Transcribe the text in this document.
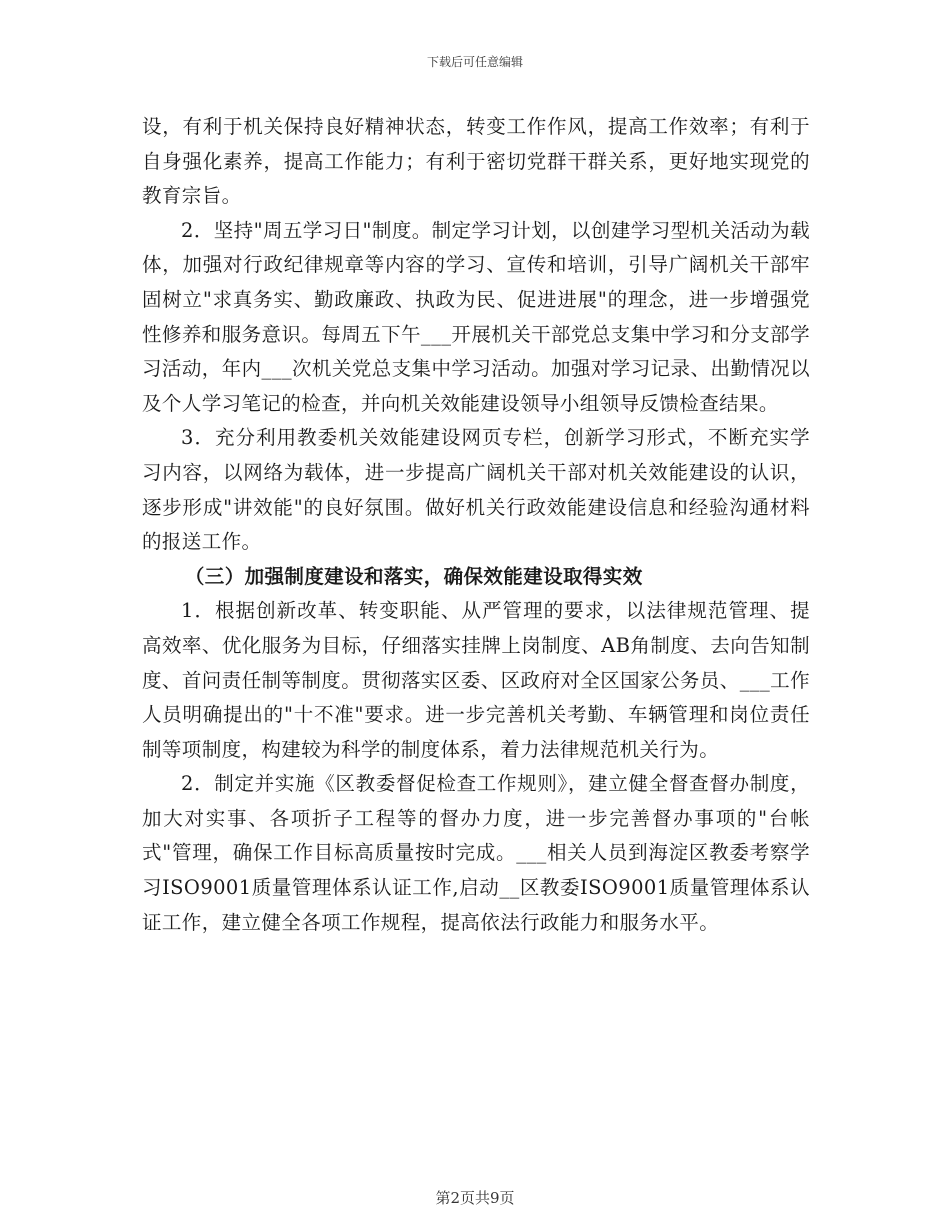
下载后可任意编辑

设，有利于机关保持良好精神状态，转变工作作风，提高工作效率；有利于自身强化素养，提高工作能力；有利于密切党群干群关系，更好地实现党的教育宗旨。

2．坚持"周五学习日"制度。制定学习计划，以创建学习型机关活动为载体，加强对行政纪律规章等内容的学习、宣传和培训，引导广阔机关干部牢固树立"求真务实、勤政廉政、执政为民、促进进展"的理念，进一步增强党性修养和服务意识。每周五下午___开展机关干部党总支集中学习和分支部学习活动，年内___次机关党总支集中学习活动。加强对学习记录、出勤情况以及个人学习笔记的检查，并向机关效能建设领导小组领导反馈检查结果。

3．充分利用教委机关效能建设网页专栏，创新学习形式，不断充实学习内容，以网络为载体，进一步提高广阔机关干部对机关效能建设的认识，逐步形成"讲效能"的良好氛围。做好机关行政效能建设信息和经验沟通材料的报送工作。

（三）加强制度建设和落实，确保效能建设取得实效

1．根据创新改革、转变职能、从严管理的要求，以法律规范管理、提高效率、优化服务为目标，仔细落实挂牌上岗制度、AB角制度、去向告知制度、首问责任制等制度。贯彻落实区委、区政府对全区国家公务员、___工作人员明确提出的"十不准"要求。进一步完善机关考勤、车辆管理和岗位责任制等项制度，构建较为科学的制度体系，着力法律规范机关行为。

2．制定并实施《区教委督促检查工作规则》，建立健全督查督办制度，加大对实事、各项折子工程等的督办力度，进一步完善督办事项的"台帐式"管理，确保工作目标高质量按时完成。___相关人员到海淀区教委考察学习ISO9001质量管理体系认证工作,启动__区教委ISO9001质量管理体系认证工作，建立健全各项工作规程，提高依法行政能力和服务水平。

第2页共9页
